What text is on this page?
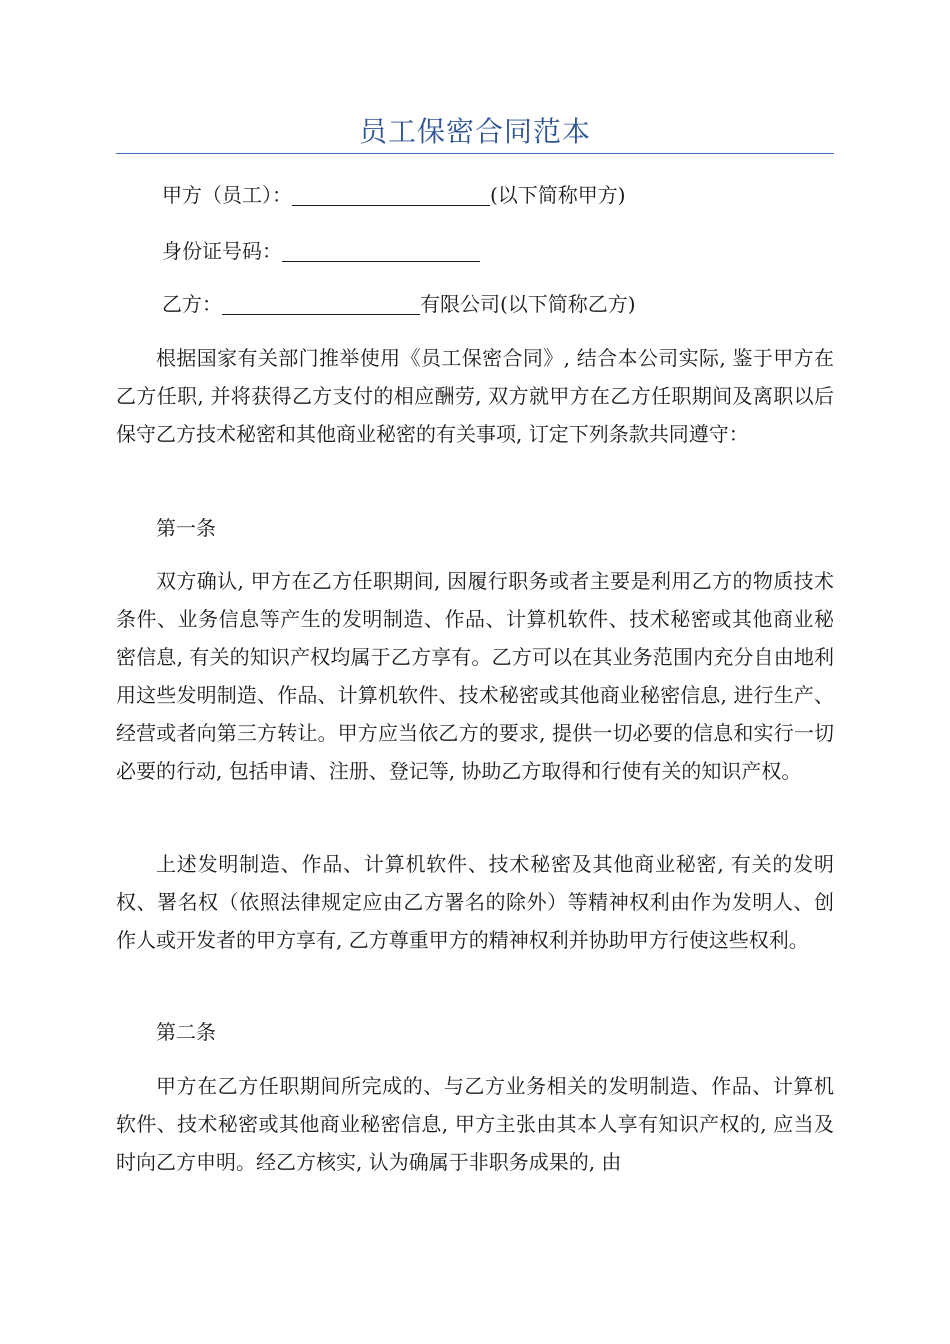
员工保密合同范本

甲方（员工）：	(以下简称甲方)

身份证号码：

乙方：	有限公司(以下简称乙方)

根据国家有关部门推举使用《员工保密合同》, 结合本公司实际, 鉴于甲方在乙方任职, 并将获得乙方支付的相应酬劳, 双方就甲方在乙方任职期间及离职以后保守乙方技术秘密和其他商业秘密的有关事项, 订定下列条款共同遵守：

第一条

双方确认, 甲方在乙方任职期间, 因履行职务或者主要是利用乙方的物质技术条件、业务信息等产生的发明制造、作品、计算机软件、技术秘密或其他商业秘密信息, 有关的知识产权均属于乙方享有。乙方可以在其业务范围内充分自由地利用这些发明制造、作品、计算机软件、技术秘密或其他商业秘密信息, 进行生产、经营或者向第三方转让。甲方应当依乙方的要求, 提供一切必要的信息和实行一切必要的行动, 包括申请、注册、登记等, 协助乙方取得和行使有关的知识产权。

上述发明制造、作品、计算机软件、技术秘密及其他商业秘密, 有关的发明权、署名权（依照法律规定应由乙方署名的除外）等精神权利由作为发明人、创作人或开发者的甲方享有, 乙方尊重甲方的精神权利并协助甲方行使这些权利。

第二条

甲方在乙方任职期间所完成的、与乙方业务相关的发明制造、作品、计算机软件、技术秘密或其他商业秘密信息, 甲方主张由其本人享有知识产权的, 应当及时向乙方申明。经乙方核实, 认为确属于非职务成果的, 由
